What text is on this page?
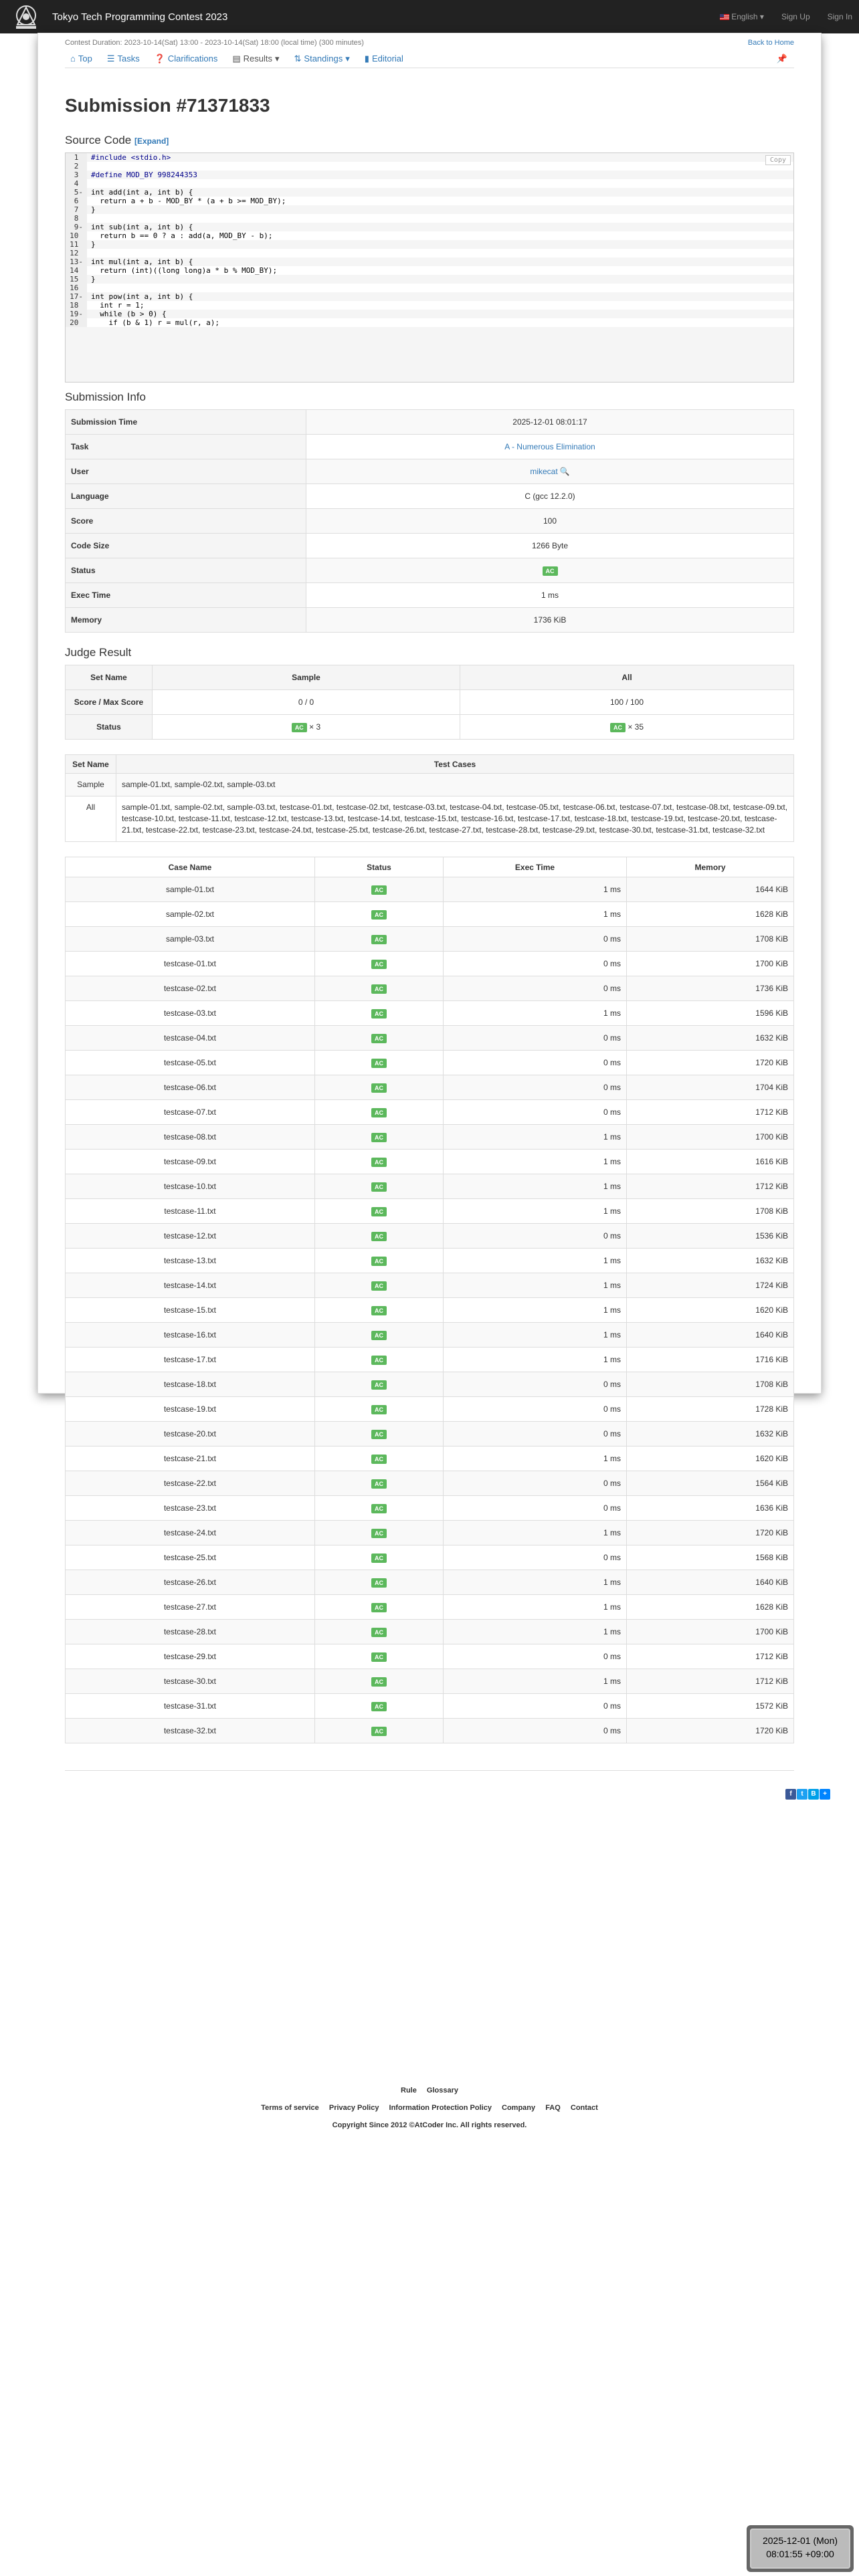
Tokyo Tech Programming Contest 2023	English ▾ Sign Up Sign In
Contest Duration: 2023-10-14(Sat) 13:00 - 2023-10-14(Sat) 18:00 (local time) (300 minutes)	Back to Home
⌂ Top ☰ Tasks ❓ Clarifications ▤ Results ▾ ⇅ Standings ▾ ▮ Editorial	📌
Submission #71371833
Source Code [Expand]
Copy
1	#include <stdio.h>
2
3	#define MOD_BY 998244353
4
5-	int add(int a, int b) {
6	return a + b - MOD_BY * (a + b >= MOD_BY);
7	}
8
9-	int sub(int a, int b) {
10	return b == 0 ? a : add(a, MOD_BY - b);
11	}
12
13-	int mul(int a, int b) {
14	return (int)((long long)a * b % MOD_BY);
15	}
16
17-	int pow(int a, int b) {
18	int r = 1;
19-	while (b > 0) {
20	if (b & 1) r = mul(r, a);
Submission Info
Submission Time	2025-12-01 08:01:17
Task	A - Numerous Elimination
User	mikecat 🔍
Language	C (gcc 12.2.0)
Score	100
Code Size	1266 Byte
Status	AC
Exec Time	1 ms
Memory	1736 KiB
Judge Result
Set Name	Sample	All
Score / Max Score	0 / 0	100 / 100
Status	AC × 3	AC × 35
Set Name	Test Cases
Sample	sample-01.txt, sample-02.txt, sample-03.txt
All	sample-01.txt, sample-02.txt, sample-03.txt, testcase-01.txt, testcase-02.txt, testcase-03.txt, testcase-04.txt, testcase-05.txt, testcase-06.txt, testcase-07.txt, testcase-08.txt, testcase-09.txt, testcase-10.txt, testcase-11.txt, testcase-12.txt, testcase-13.txt, testcase-14.txt, testcase-15.txt, testcase-16.txt, testcase-17.txt, testcase-18.txt, testcase-19.txt, testcase-20.txt, testcase-21.txt, testcase-22.txt, testcase-23.txt, testcase-24.txt, testcase-25.txt, testcase-26.txt, testcase-27.txt, testcase-28.txt, testcase-29.txt, testcase-30.txt, testcase-31.txt, testcase-32.txt
Case Name	Status	Exec Time	Memory
sample-01.txt	AC	1 ms	1644 KiB
sample-02.txt	AC	1 ms	1628 KiB
sample-03.txt	AC	0 ms	1708 KiB
testcase-01.txt	AC	0 ms	1700 KiB
testcase-02.txt	AC	0 ms	1736 KiB
testcase-03.txt	AC	1 ms	1596 KiB
testcase-04.txt	AC	0 ms	1632 KiB
testcase-05.txt	AC	0 ms	1720 KiB
testcase-06.txt	AC	0 ms	1704 KiB
testcase-07.txt	AC	0 ms	1712 KiB
testcase-08.txt	AC	1 ms	1700 KiB
testcase-09.txt	AC	1 ms	1616 KiB
testcase-10.txt	AC	1 ms	1712 KiB
testcase-11.txt	AC	1 ms	1708 KiB
testcase-12.txt	AC	0 ms	1536 KiB
testcase-13.txt	AC	1 ms	1632 KiB
testcase-14.txt	AC	1 ms	1724 KiB
testcase-15.txt	AC	1 ms	1620 KiB
testcase-16.txt	AC	1 ms	1640 KiB
testcase-17.txt	AC	1 ms	1716 KiB
testcase-18.txt	AC	0 ms	1708 KiB
testcase-19.txt	AC	0 ms	1728 KiB
testcase-20.txt	AC	0 ms	1632 KiB
testcase-21.txt	AC	1 ms	1620 KiB
testcase-22.txt	AC	0 ms	1564 KiB
testcase-23.txt	AC	0 ms	1636 KiB
testcase-24.txt	AC	1 ms	1720 KiB
testcase-25.txt	AC	0 ms	1568 KiB
testcase-26.txt	AC	1 ms	1640 KiB
testcase-27.txt	AC	1 ms	1628 KiB
testcase-28.txt	AC	1 ms	1700 KiB
testcase-29.txt	AC	0 ms	1712 KiB
testcase-30.txt	AC	1 ms	1712 KiB
testcase-31.txt	AC	0 ms	1572 KiB
testcase-32.txt	AC	0 ms	1720 KiB
f	t	B	+
Rule Glossary
Terms of service Privacy Policy Information Protection Policy Company FAQ Contact
Copyright Since 2012 ©AtCoder Inc. All rights reserved.
2025-12-01 (Mon)
08:01:55 +09:00
